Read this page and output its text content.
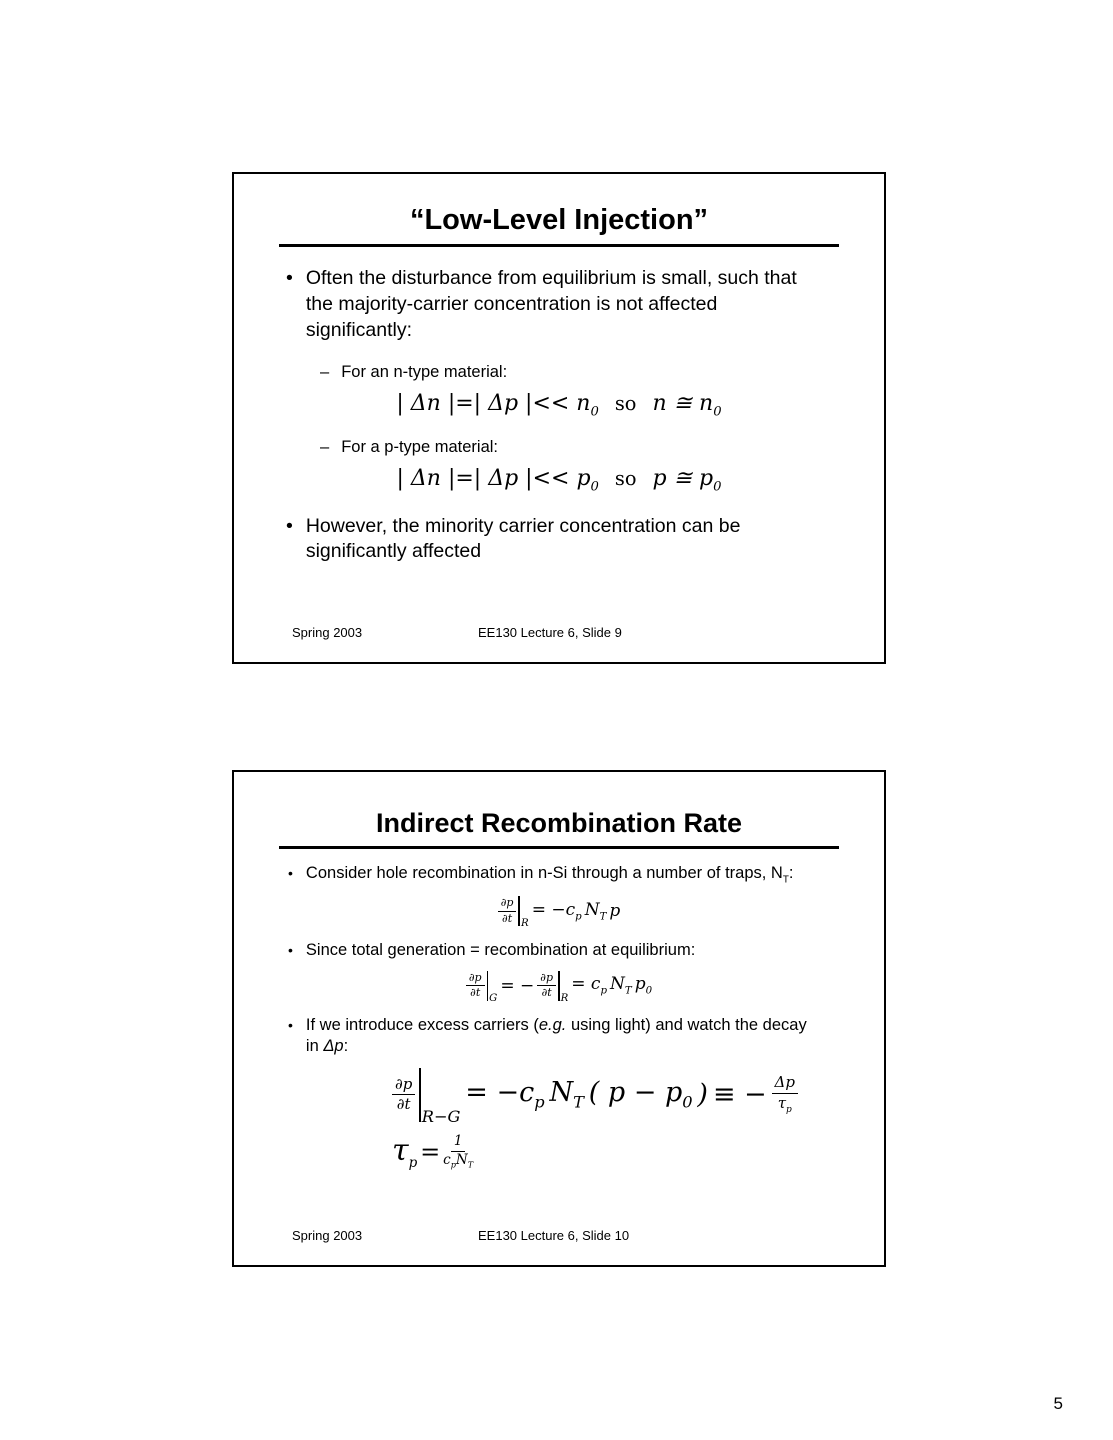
“Low-Level Injection”
• Often the disturbance from equilibrium is small, such that the majority-carrier concentration is not affected significantly:
– For an n-type material:
| Δn |=| Δp |<< $n_0$ so n ≅ $n_0$
– For a p-type material:
| Δn |=| Δp |<< $p_0$ so p ≅ $p_0$
• However, the minority carrier concentration can be significantly affected
Spring 2003	EE130 Lecture 6, Slide 9
Indirect Recombination Rate
• Consider hole recombination in n-Si through a number of traps, $N_T$:
$\frac{\partial p}{\partial t}$ R
= $-c_p$ $N_T$ p
• Since total generation = recombination at equilibrium:
$\frac{\partial p}{\partial t}$ G
= − $\frac{\partial p}{\partial t}$ R
= $c_p$ $N_T$ $p_0$
• If we introduce excess carriers (e.g. using light) and watch the decay in Δp:
$\frac{\partial p}{\partial t}$
R−G
= $-c_p$ $N_T$ ( $p - p_0$ ) ≡ − $\frac{\Delta p}{\tau_p}$
$\tau_p = \frac{1}{c_pN_T}$
Spring 2003	EE130 Lecture 6, Slide 10
5
